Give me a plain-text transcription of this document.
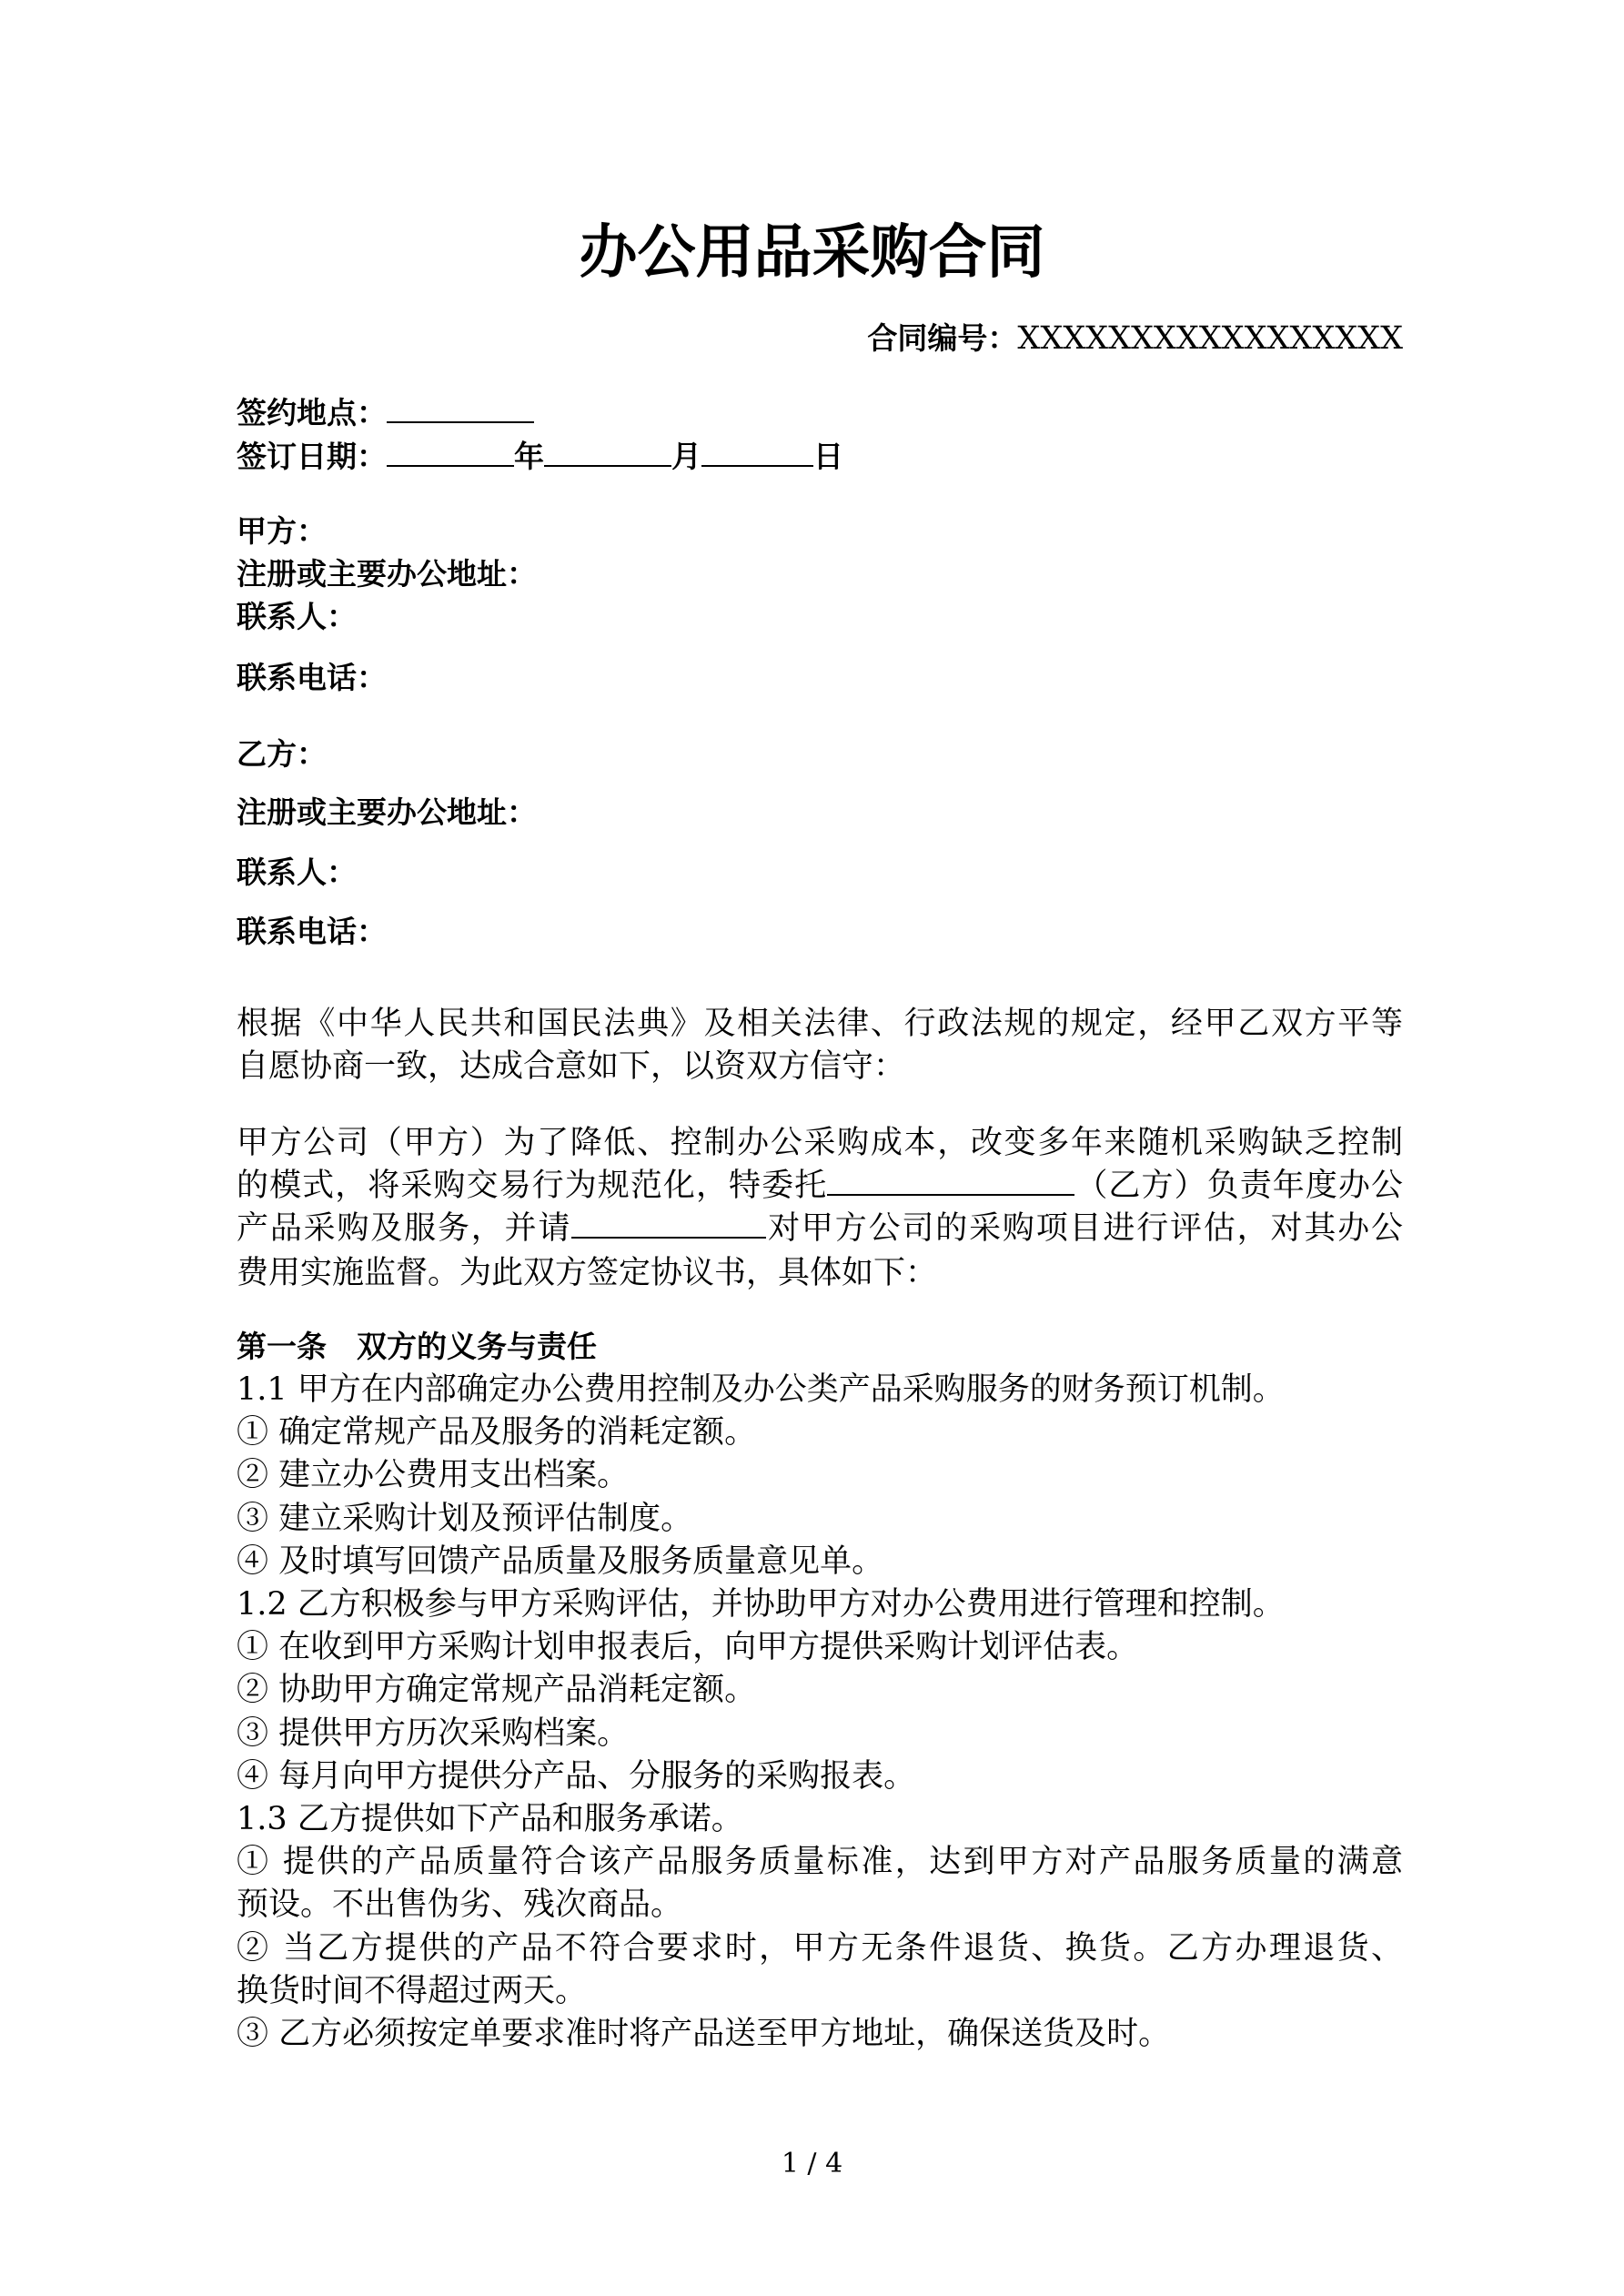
办公用品采购合同
合同编号：XXXXXXXXXXXXXXXXX
签约地点：
签订日期：	年	月	日
甲方：
注册或主要办公地址：
联系人：
联系电话：
乙方：
注册或主要办公地址：
联系人：
联系电话：
根据《中华人民共和国民法典》及相关法律、行政法规的规定，经甲乙双方平等
自愿协商一致，达成合意如下，以资双方信守：
甲方公司（甲方）为了降低、控制办公采购成本，改变多年来随机采购缺乏控制
的模式，将采购交易行为规范化，特委托	（乙方）负责年度办公
产品采购及服务，并请	对甲方公司的采购项目进行评估，对其办公
费用实施监督。为此双方签定协议书，具体如下：
第一条　双方的义务与责任
1.1 甲方在内部确定办公费用控制及办公类产品采购服务的财务预订机制。
① 确定常规产品及服务的消耗定额。
② 建立办公费用支出档案。
③ 建立采购计划及预评估制度。
④ 及时填写回馈产品质量及服务质量意见单。
1.2 乙方积极参与甲方采购评估，并协助甲方对办公费用进行管理和控制。
① 在收到甲方采购计划申报表后，向甲方提供采购计划评估表。
② 协助甲方确定常规产品消耗定额。
③ 提供甲方历次采购档案。
④ 每月向甲方提供分产品、分服务的采购报表。
1.3 乙方提供如下产品和服务承诺。
① 提供的产品质量符合该产品服务质量标准，达到甲方对产品服务质量的满意
预设。不出售伪劣、残次商品。
② 当乙方提供的产品不符合要求时，甲方无条件退货、换货。乙方办理退货、
换货时间不得超过两天。
③ 乙方必须按定单要求准时将产品送至甲方地址，确保送货及时。
1 / 4
